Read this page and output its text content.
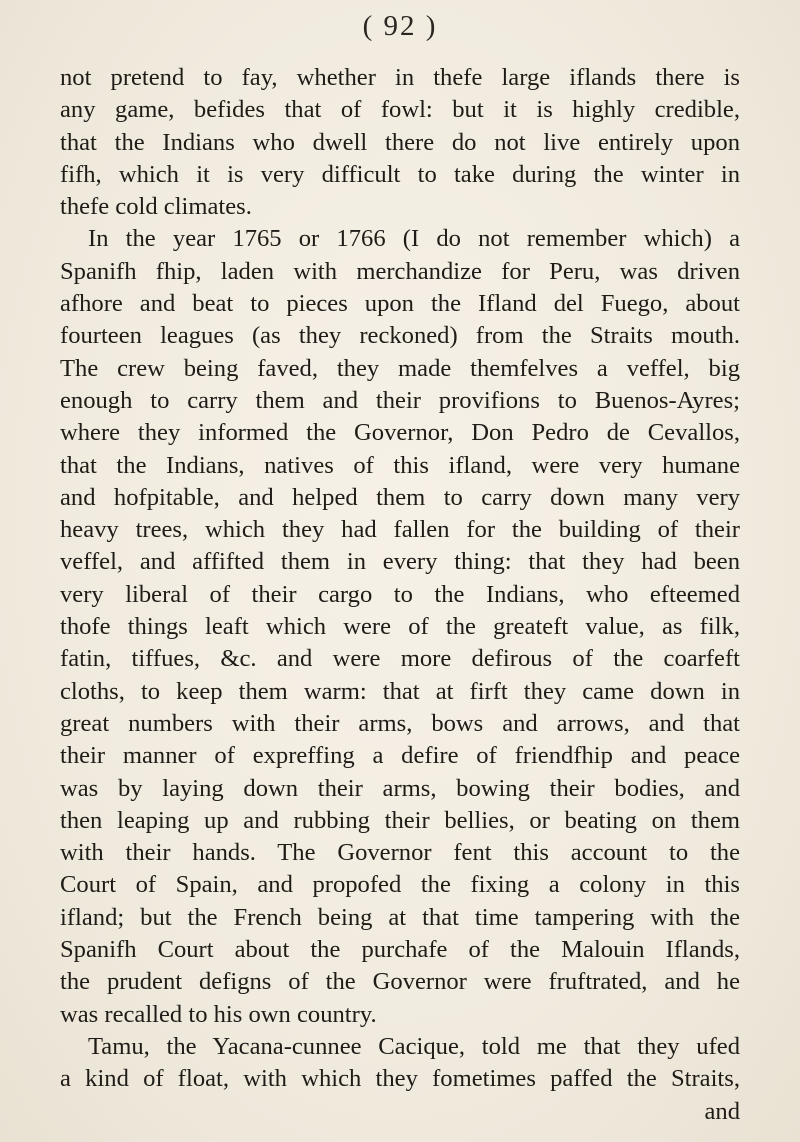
( 92 )
not pretend to fay, whether in thefe large iflands there is
any game, befides that of fowl: but it is highly credible,
that the Indians who dwell there do not live entirely upon
fifh, which it is very difficult to take during the winter in
thefe cold climates.
In the year 1765 or 1766 (I do not remember which) a
Spanifh fhip, laden with merchandize for Peru, was driven
afhore and beat to pieces upon the Ifland del Fuego, about
fourteen leagues (as they reckoned) from the Straits mouth.
The crew being faved, they made themfelves a veffel, big
enough to carry them and their provifions to Buenos-Ayres;
where they informed the Governor, Don Pedro de Cevallos,
that the Indians, natives of this ifland, were very humane
and hofpitable, and helped them to carry down many very
heavy trees, which they had fallen for the building of their
veffel, and affifted them in every thing: that they had been
very liberal of their cargo to the Indians, who efteemed
thofe things leaft which were of the greateft value, as filk,
fatin, tiffues, &c. and were more defirous of the coarfeft
cloths, to keep them warm: that at firft they came down in
great numbers with their arms, bows and arrows, and that
their manner of expreffing a defire of friendfhip and peace
was by laying down their arms, bowing their bodies, and
then leaping up and rubbing their bellies, or beating on them
with their hands. The Governor fent this account to the
Court of Spain, and propofed the fixing a colony in this
ifland; but the French being at that time tampering with the
Spanifh Court about the purchafe of the Malouin Iflands,
the prudent defigns of the Governor were fruftrated, and he
was recalled to his own country.
Tamu, the Yacana-cunnee Cacique, told me that they ufed
a kind of float, with which they fometimes paffed the Straits,
and
